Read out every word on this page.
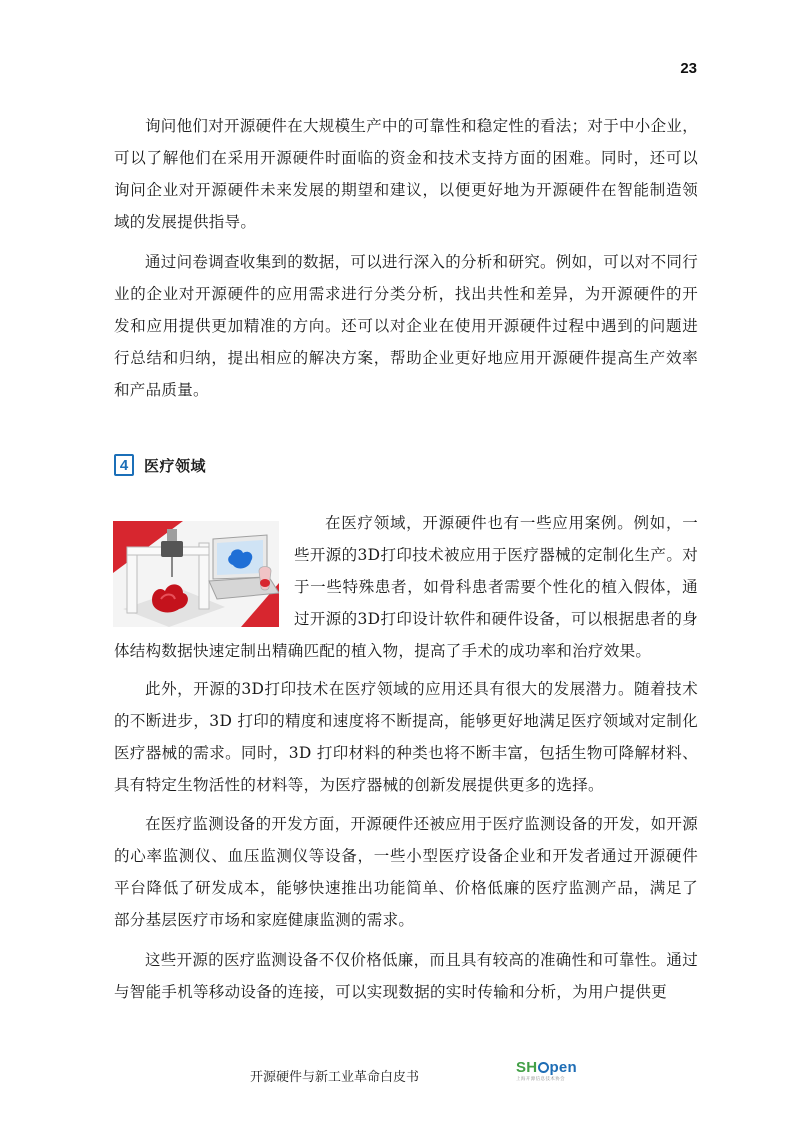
23
询问他们对开源硬件在大规模生产中的可靠性和稳定性的看法；对于中小企业，可以了解他们在采用开源硬件时面临的资金和技术支持方面的困难。同时，还可以询问企业对开源硬件未来发展的期望和建议，以便更好地为开源硬件在智能制造领域的发展提供指导。
通过问卷调查收集到的数据，可以进行深入的分析和研究。例如，可以对不同行业的企业对开源硬件的应用需求进行分类分析，找出共性和差异，为开源硬件的开发和应用提供更加精准的方向。还可以对企业在使用开源硬件过程中遇到的问题进行总结和归纳，提出相应的解决方案，帮助企业更好地应用开源硬件提高生产效率和产品质量。
4	医疗领域
在医疗领域，开源硬件也有一些应用案例。例如，一些开源的3D打印技术被应用于医疗器械的定制化生产。对于一些特殊患者，如骨科患者需要个性化的植入假体，通过开源的3D打印设计软件和硬件设备，可以根据患者的身体结构数据快速定制出精确匹配的植入物，提高了手术的成功率和治疗效果。
此外，开源的3D打印技术在医疗领域的应用还具有很大的发展潜力。随着技术的不断进步，3D 打印的精度和速度将不断提高，能够更好地满足医疗领域对定制化医疗器械的需求。同时，3D 打印材料的种类也将不断丰富，包括生物可降解材料、具有特定生物活性的材料等，为医疗器械的创新发展提供更多的选择。
在医疗监测设备的开发方面，开源硬件还被应用于医疗监测设备的开发，如开源的心率监测仪、血压监测仪等设备，一些小型医疗设备企业和开发者通过开源硬件平台降低了研发成本，能够快速推出功能简单、价格低廉的医疗监测产品，满足了部分基层医疗市场和家庭健康监测的需求。
这些开源的医疗监测设备不仅价格低廉，而且具有较高的准确性和可靠性。通过与智能手机等移动设备的连接，可以实现数据的实时传输和分析，为用户提供更
开源硬件与新工业革命白皮书
SH pen
上海开源信息技术协会
